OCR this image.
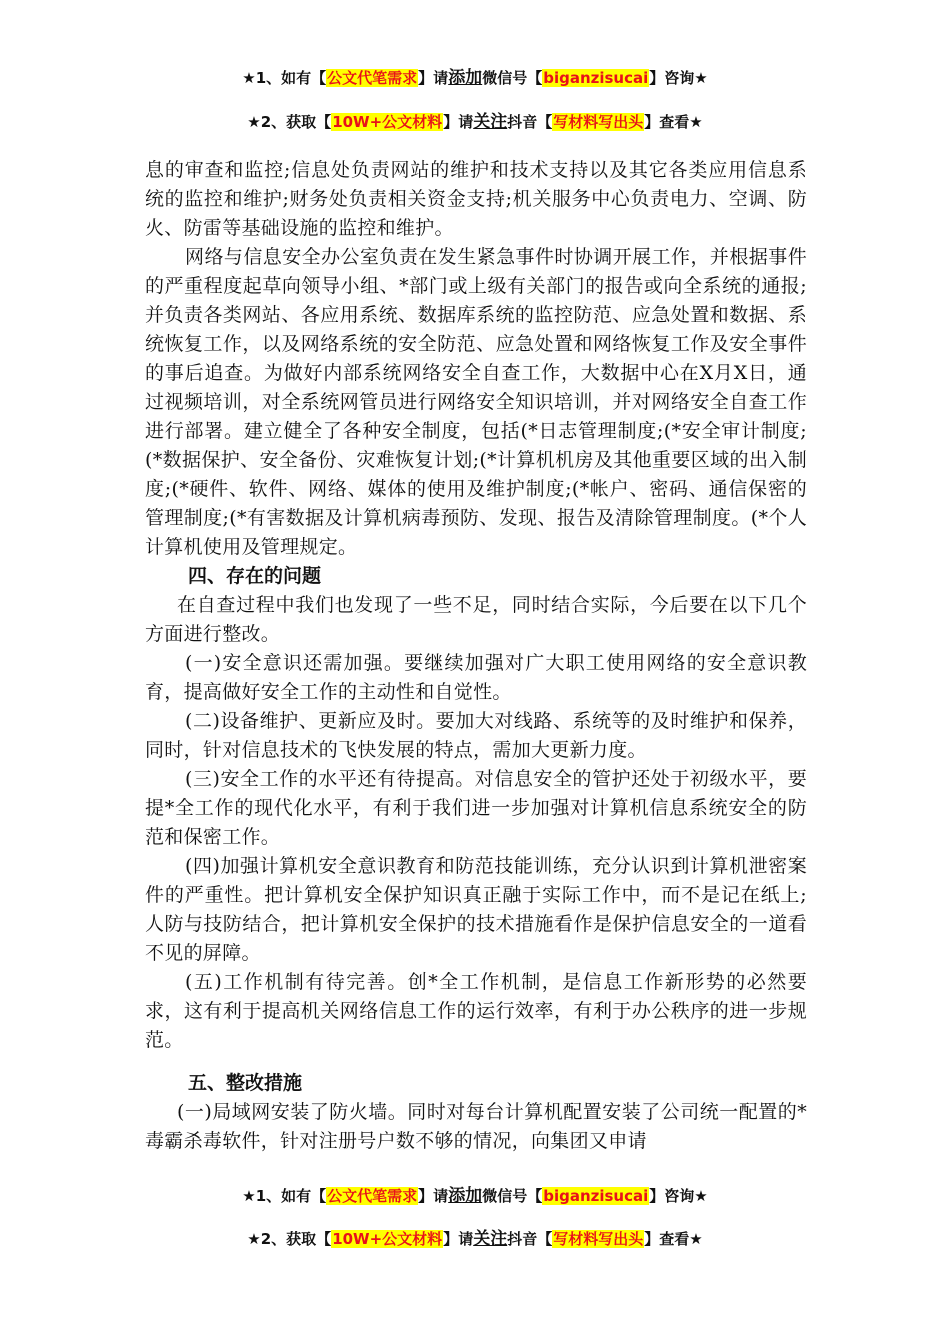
★1、如有【公文代笔需求】请添加微信号【biganzisucai】咨询★
★2、获取【10W+公文材料】请关注抖音【写材料写出头】查看★

息的审查和监控;信息处负责网站的维护和技术支持以及其它各类应用信息系统的监控和维护;财务处负责相关资金支持;机关服务中心负责电力、空调、防火、防雷等基础设施的监控和维护。

网络与信息安全办公室负责在发生紧急事件时协调开展工作，并根据事件的严重程度起草向领导小组、*部门或上级有关部门的报告或向全系统的通报;并负责各类网站、各应用系统、数据库系统的监控防范、应急处置和数据、系统恢复工作，以及网络系统的安全防范、应急处置和网络恢复工作及安全事件的事后追查。为做好内部系统网络安全自查工作，大数据中心在X月X日，通过视频培训，对全系统网管员进行网络安全知识培训，并对网络安全自查工作进行部署。建立健全了各种安全制度，包括(*日志管理制度;(*安全审计制度;(*数据保护、安全备份、灾难恢复计划;(*计算机机房及其他重要区域的出入制度;(*硬件、软件、网络、媒体的使用及维护制度;(*帐户、密码、通信保密的管理制度;(*有害数据及计算机病毒预防、发现、报告及清除管理制度。(*个人计算机使用及管理规定。

四、存在的问题

在自查过程中我们也发现了一些不足，同时结合实际，今后要在以下几个方面进行整改。

(一)安全意识还需加强。要继续加强对广大职工使用网络的安全意识教育，提高做好安全工作的主动性和自觉性。

(二)设备维护、更新应及时。要加大对线路、系统等的及时维护和保养，同时，针对信息技术的飞快发展的特点，需加大更新力度。

(三)安全工作的水平还有待提高。对信息安全的管护还处于初级水平，要提*全工作的现代化水平，有利于我们进一步加强对计算机信息系统安全的防范和保密工作。

(四)加强计算机安全意识教育和防范技能训练，充分认识到计算机泄密案件的严重性。把计算机安全保护知识真正融于实际工作中，而不是记在纸上;人防与技防结合，把计算机安全保护的技术措施看作是保护信息安全的一道看不见的屏障。

(五)工作机制有待完善。创*全工作机制，是信息工作新形势的必然要求，这有利于提高机关网络信息工作的运行效率，有利于办公秩序的进一步规范。

五、整改措施

(一)局域网安装了防火墙。同时对每台计算机配置安装了公司统一配置的*毒霸杀毒软件，针对注册号户数不够的情况，向集团又申请

★1、如有【公文代笔需求】请添加微信号【biganzisucai】咨询★
★2、获取【10W+公文材料】请关注抖音【写材料写出头】查看★
